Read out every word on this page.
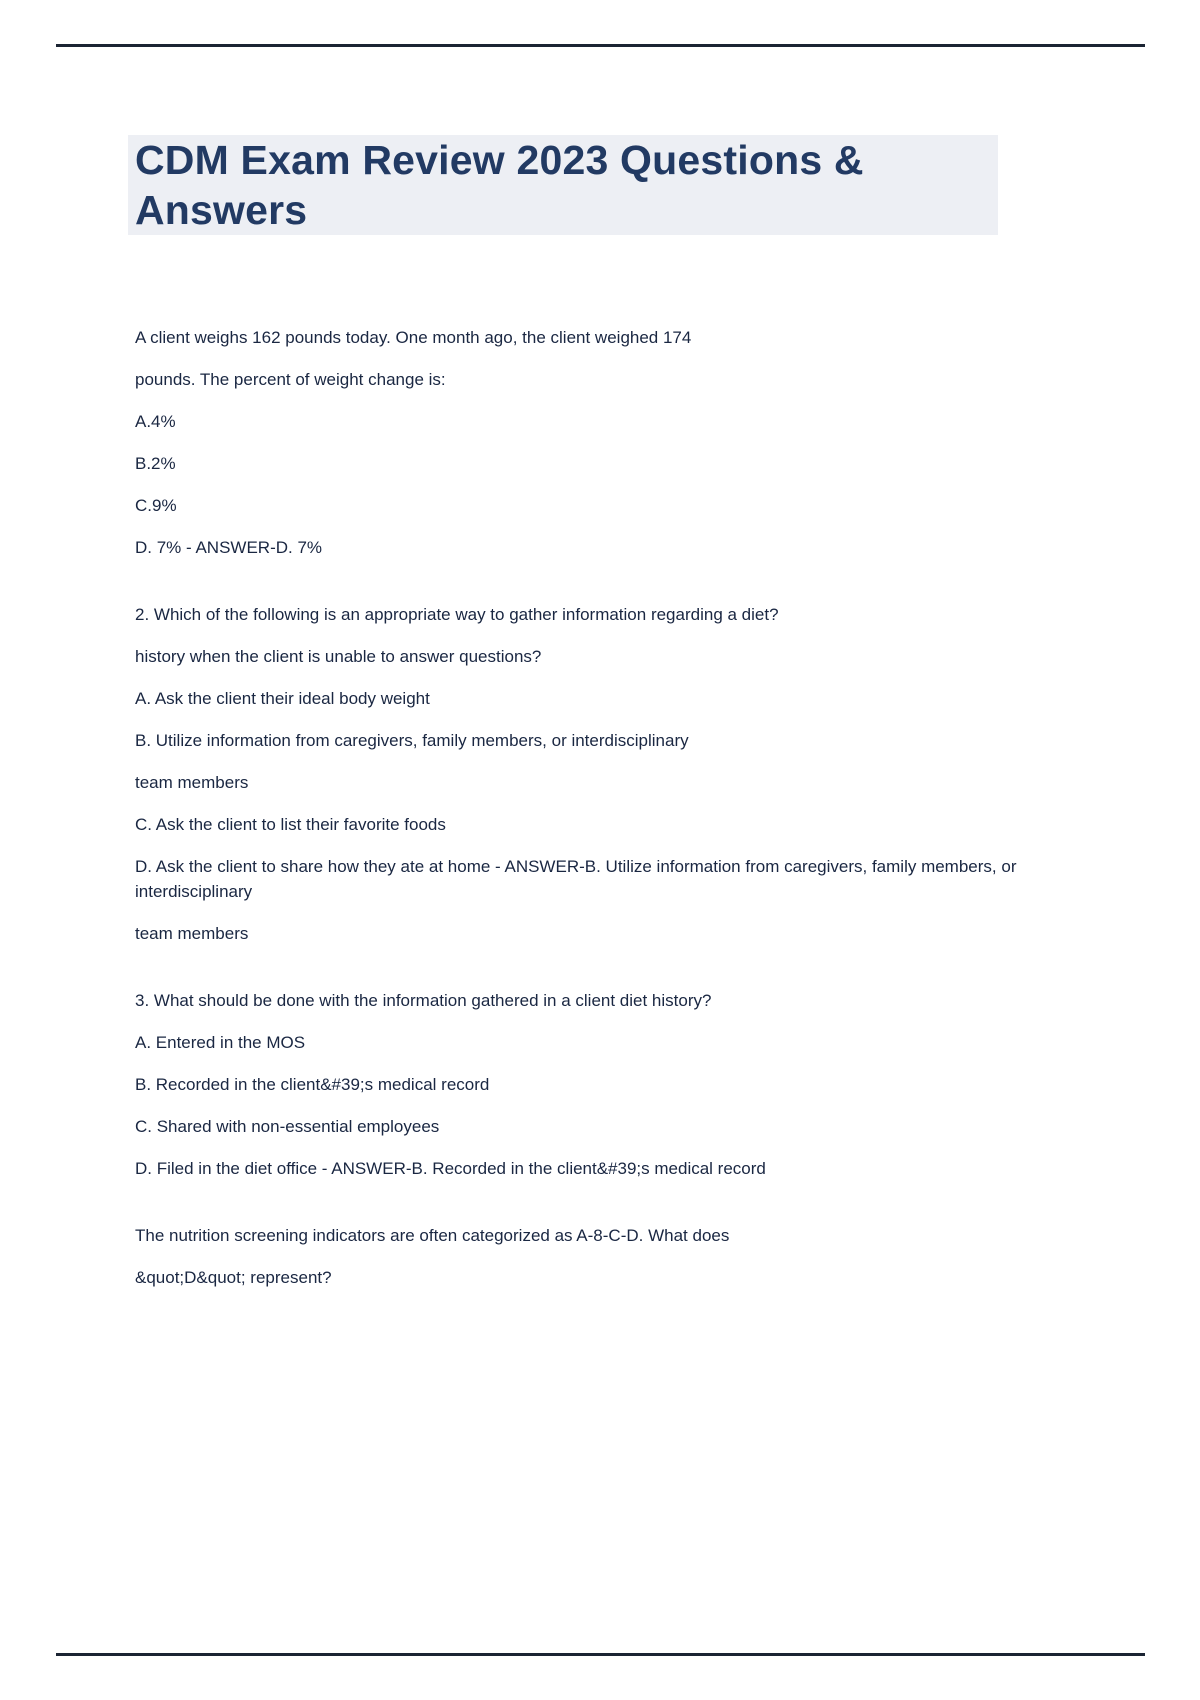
CDM Exam Review 2023 Questions & Answers

A client weighs 162 pounds today. One month ago, the client weighed 174

pounds. The percent of weight change is:

A.4%

B.2%

C.9%

D. 7% - ANSWER-D. 7%

2. Which of the following is an appropriate way to gather information regarding a diet?

history when the client is unable to answer questions?

A. Ask the client their ideal body weight

B. Utilize information from caregivers, family members, or interdisciplinary

team members

C. Ask the client to list their favorite foods

D. Ask the client to share how they ate at home - ANSWER-B. Utilize information from caregivers, family members, or interdisciplinary

team members

3. What should be done with the information gathered in a client diet history?

A. Entered in the MOS

B. Recorded in the client&#39;s medical record

C. Shared with non-essential employees

D. Filed in the diet office - ANSWER-B. Recorded in the client&#39;s medical record

The nutrition screening indicators are often categorized as A-8-C-D. What does

&quot;D&quot; represent?
